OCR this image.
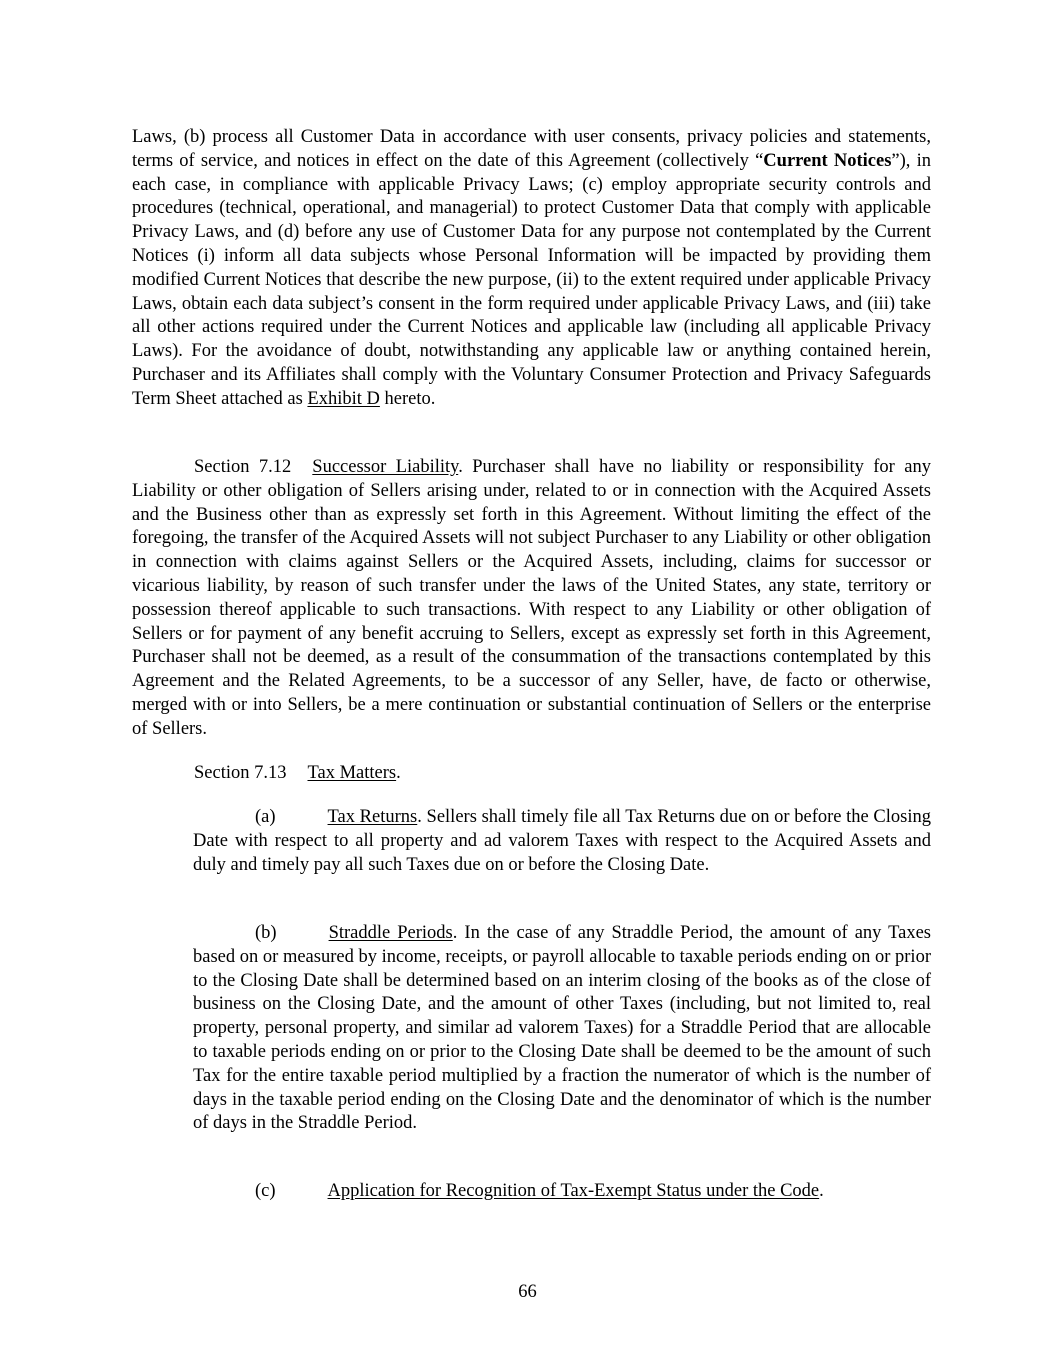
Laws, (b) process all Customer Data in accordance with user consents, privacy policies and statements, terms of service, and notices in effect on the date of this Agreement (collectively “Current Notices”), in each case, in compliance with applicable Privacy Laws; (c) employ appropriate security controls and procedures (technical, operational, and managerial) to protect Customer Data that comply with applicable Privacy Laws, and (d) before any use of Customer Data for any purpose not contemplated by the Current Notices (i) inform all data subjects whose Personal Information will be impacted by providing them modified Current Notices that describe the new purpose, (ii) to the extent required under applicable Privacy Laws, obtain each data subject’s consent in the form required under applicable Privacy Laws, and (iii) take all other actions required under the Current Notices and applicable law (including all applicable Privacy Laws). For the avoidance of doubt, notwithstanding any applicable law or anything contained herein, Purchaser and its Affiliates shall comply with the Voluntary Consumer Protection and Privacy Safeguards Term Sheet attached as Exhibit D hereto.

Section 7.12 Successor Liability. Purchaser shall have no liability or responsibility for any Liability or other obligation of Sellers arising under, related to or in connection with the Acquired Assets and the Business other than as expressly set forth in this Agreement. Without limiting the effect of the foregoing, the transfer of the Acquired Assets will not subject Purchaser to any Liability or other obligation in connection with claims against Sellers or the Acquired Assets, including, claims for successor or vicarious liability, by reason of such transfer under the laws of the United States, any state, territory or possession thereof applicable to such transactions. With respect to any Liability or other obligation of Sellers or for payment of any benefit accruing to Sellers, except as expressly set forth in this Agreement, Purchaser shall not be deemed, as a result of the consummation of the transactions contemplated by this Agreement and the Related Agreements, to be a successor of any Seller, have, de facto or otherwise, merged with or into Sellers, be a mere continuation or substantial continuation of Sellers or the enterprise of Sellers.

Section 7.13 Tax Matters.

(a)	Tax Returns. Sellers shall timely file all Tax Returns due on or before the Closing Date with respect to all property and ad valorem Taxes with respect to the Acquired Assets and duly and timely pay all such Taxes due on or before the Closing Date.

(b)	Straddle Periods. In the case of any Straddle Period, the amount of any Taxes based on or measured by income, receipts, or payroll allocable to taxable periods ending on or prior to the Closing Date shall be determined based on an interim closing of the books as of the close of business on the Closing Date, and the amount of other Taxes (including, but not limited to, real property, personal property, and similar ad valorem Taxes) for a Straddle Period that are allocable to taxable periods ending on or prior to the Closing Date shall be deemed to be the amount of such Tax for the entire taxable period multiplied by a fraction the numerator of which is the number of days in the taxable period ending on the Closing Date and the denominator of which is the number of days in the Straddle Period.

(c)	Application for Recognition of Tax-Exempt Status under the Code.

66
